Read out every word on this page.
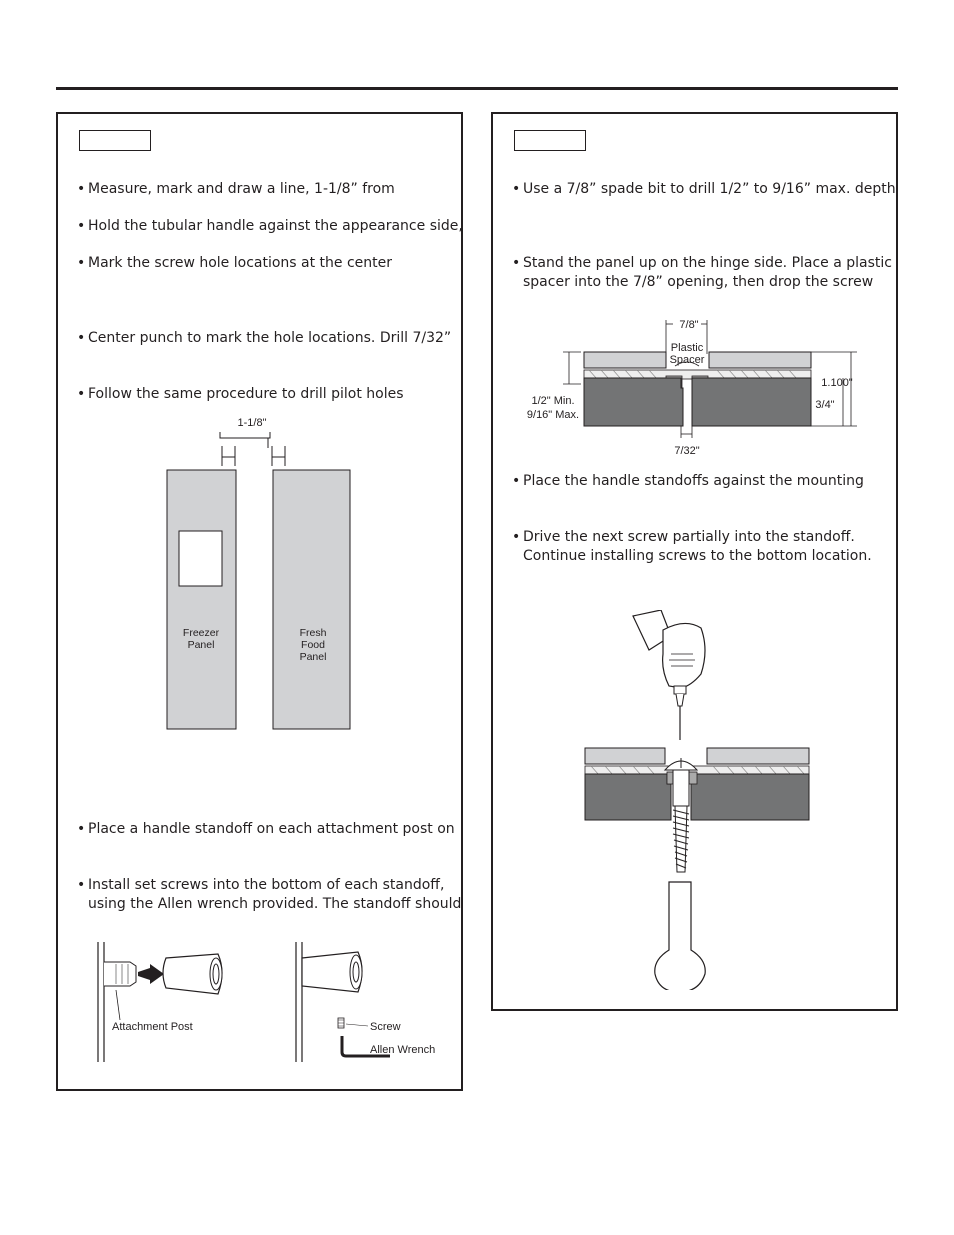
• Measure, mark and draw a line, 1-1/8” from
• Hold the tubular handle against the appearance side,
• Mark the screw hole locations at the center
• Center punch to mark the hole locations. Drill 7/32”
• Follow the same procedure to drill pilot holes
1-1/8"
Freezer
Panel
Fresh
Food
Panel
• Place a handle standoff on each attachment post on
• Install set screws into the bottom of each standoff,
using the Allen wrench provided. The standoff should
Attachment Post	Screw
Allen Wrench
• Use a 7/8” spade bit to drill 1/2” to 9/16” max. depth
• Stand the panel up on the hinge side. Place a plastic
spacer into the 7/8” opening, then drop the screw
7/8"
Plastic
Spacer
1/2" Min.
9/16" Max.
1.100"
3/4"
7/32"
• Place the handle standoffs against the mounting
• Drive the next screw partially into the standoff.
Continue installing screws to the bottom location.
